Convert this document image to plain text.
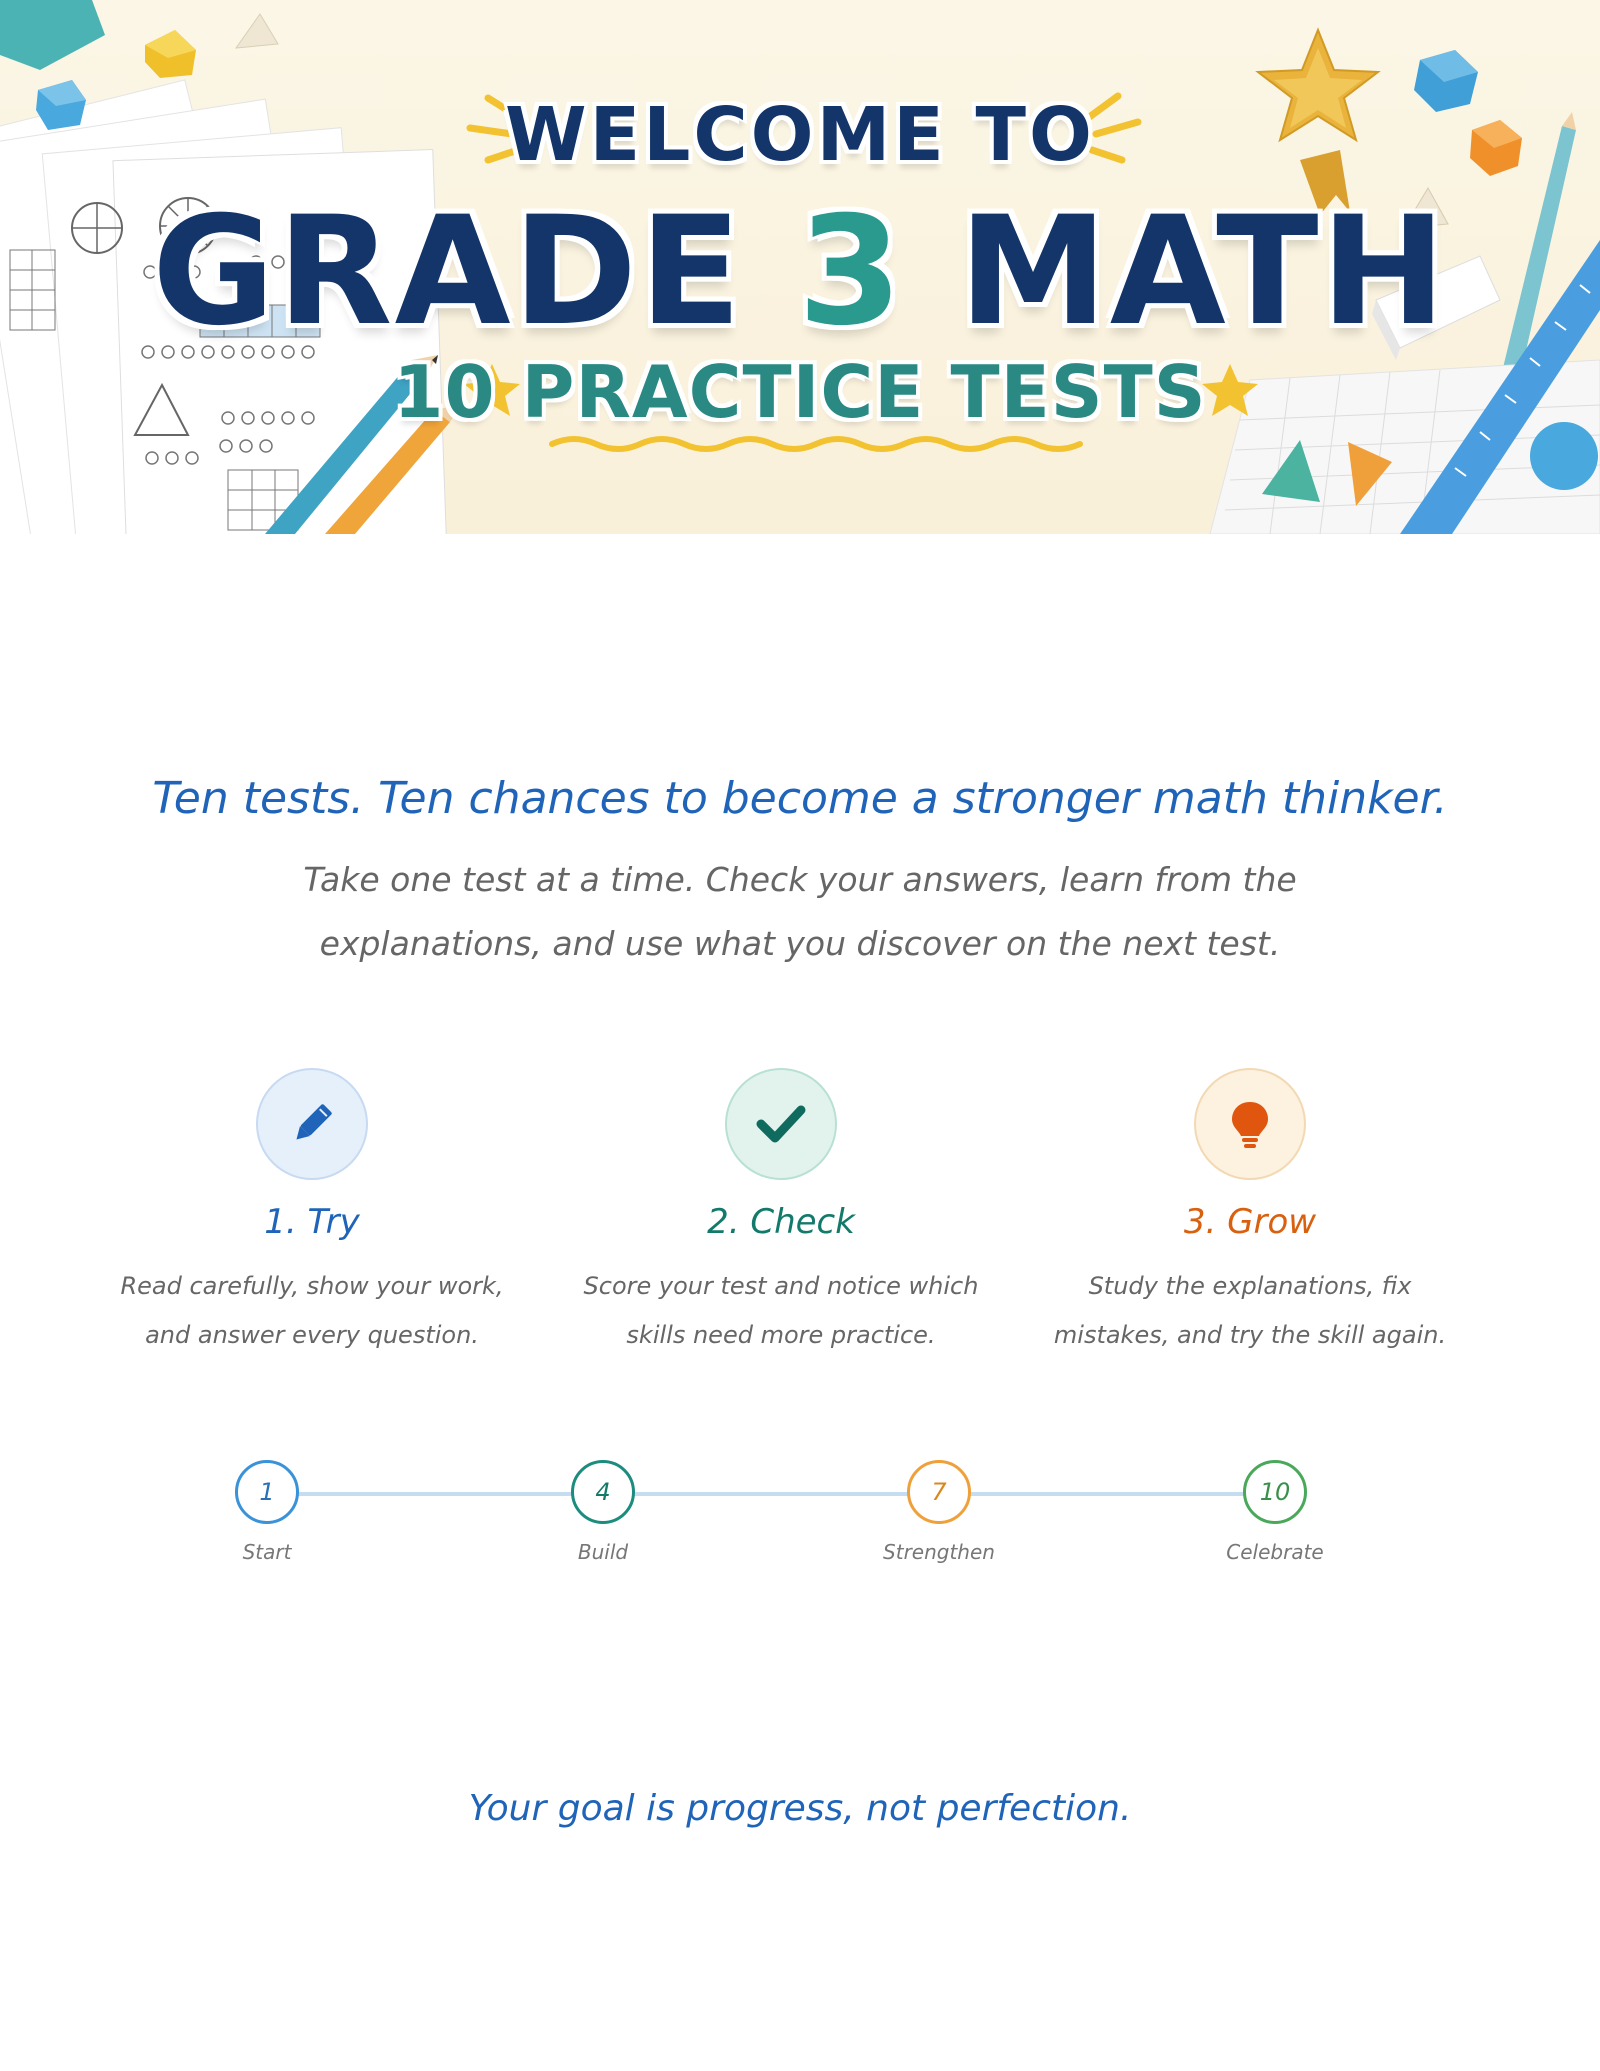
WELCOME TO
GRADE 3 MATH
10 PRACTICE TESTS
Ten tests. Ten chances to become a stronger math thinker.
Take one test at a time. Check your answers, learn from the explanations, and use what you discover on the next test.
1. Try
Read carefully, show your work,
and answer every question.
2. Check
Score your test and notice which
skills need more practice.
3. Grow
Study the explanations, fix
mistakes, and try the skill again.
1	4	7	10
Start	Build	Strengthen	Celebrate
Your goal is progress, not perfection.
